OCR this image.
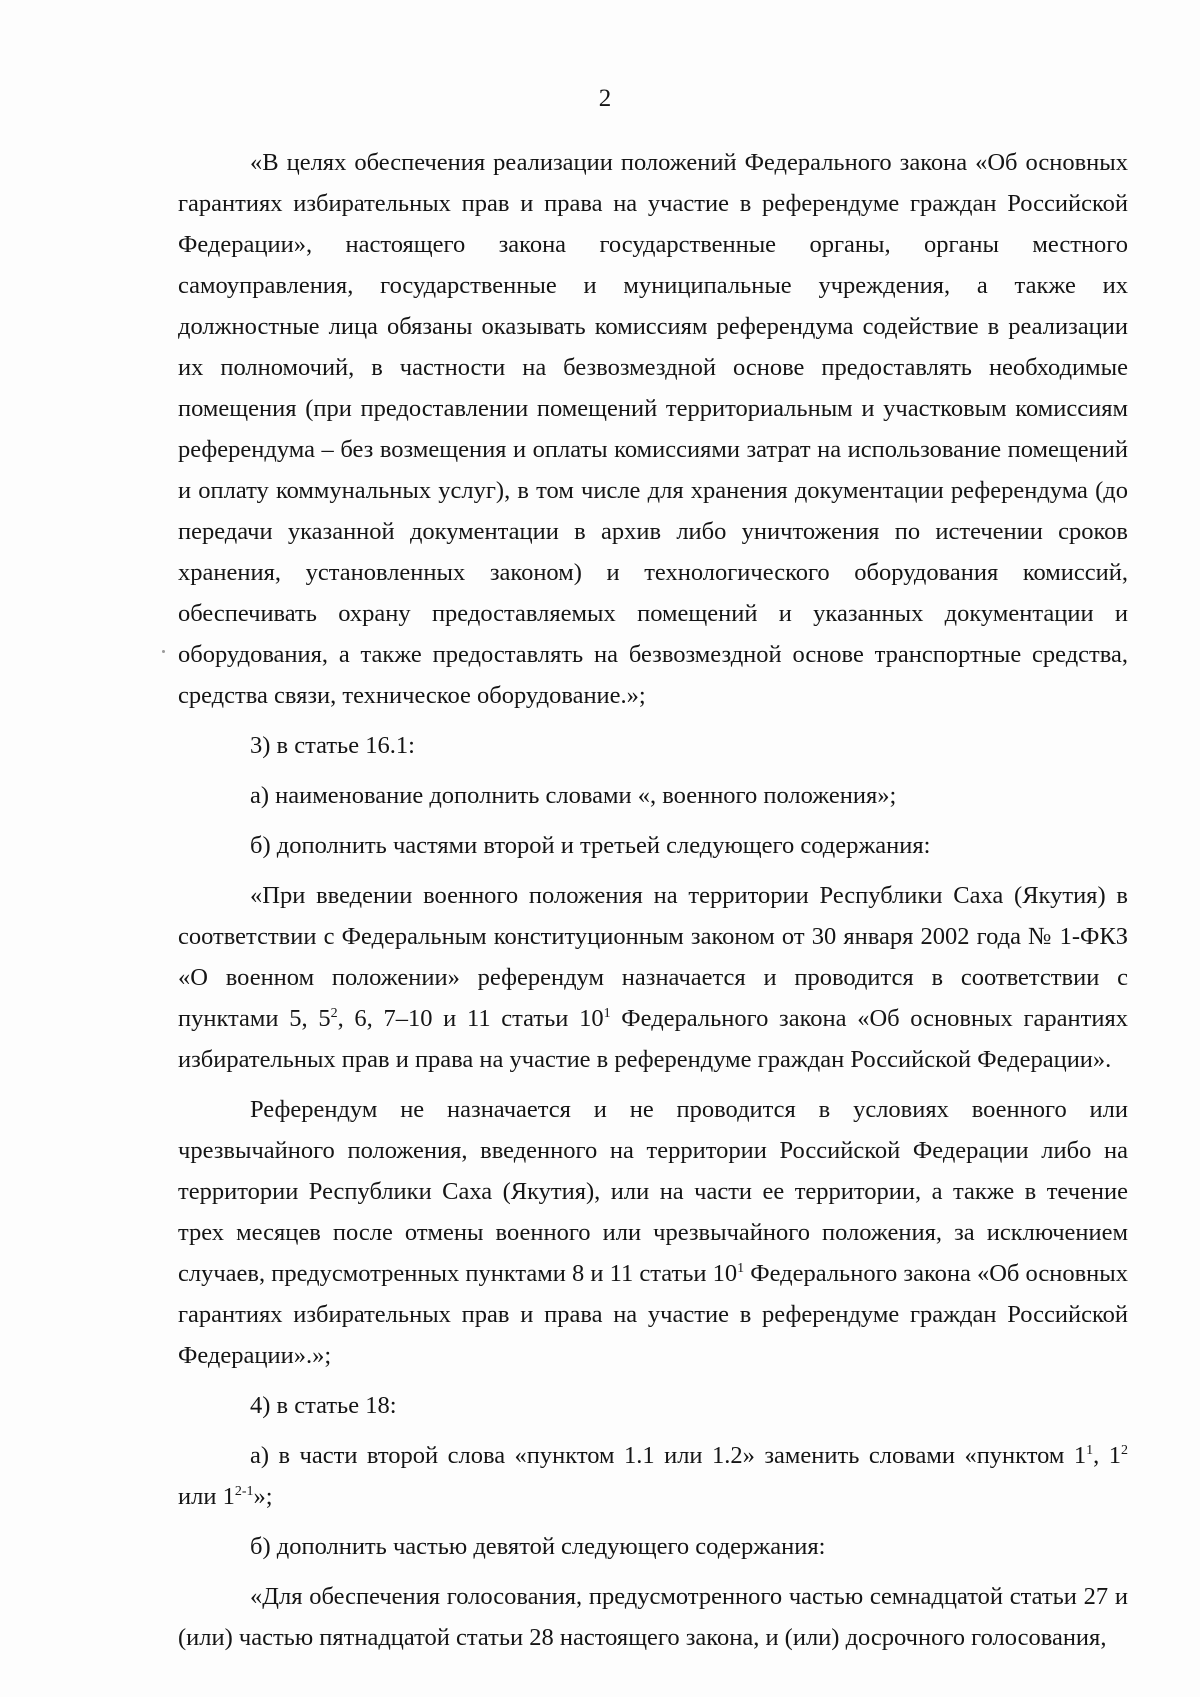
2

«В целях обеспечения реализации положений Федерального закона «Об основных гарантиях избирательных прав и права на участие в референдуме граждан Российской Федерации», настоящего закона государственные органы, органы местного самоуправления, государственные и муниципальные учреждения, а также их должностные лица обязаны оказывать комиссиям референдума содействие в реализации их полномочий, в частности на безвозмездной основе предоставлять необходимые помещения (при предоставлении помещений территориальным и участковым комиссиям референдума – без возмещения и оплаты комиссиями затрат на использование помещений и оплату коммунальных услуг), в том числе для хранения документации референдума (до передачи указанной документации в архив либо уничтожения по истечении сроков хранения, установленных законом) и технологического оборудования комиссий, обеспечивать охрану предоставляемых помещений и указанных документации и оборудования, а также предоставлять на безвозмездной основе транспортные средства, средства связи, техническое оборудование.»;

3) в статье 16.1:

а) наименование дополнить словами «, военного положения»;

б) дополнить частями второй и третьей следующего содержания:

«При введении военного положения на территории Республики Саха (Якутия) в соответствии с Федеральным конституционным законом от 30 января 2002 года № 1-ФКЗ «О военном положении» референдум назначается и проводится в соответствии с пунктами 5, $5^2$, 6, 7–10 и 11 статьи $10^1$ Федерального закона «Об основных гарантиях избирательных прав и права на участие в референдуме граждан Российской Федерации».

Референдум не назначается и не проводится в условиях военного или чрезвычайного положения, введенного на территории Российской Федерации либо на территории Республики Саха (Якутия), или на части ее территории, а также в течение трех месяцев после отмены военного или чрезвычайного положения, за исключением случаев, предусмотренных пунктами 8 и 11 статьи $10^1$ Федерального закона «Об основных гарантиях избирательных прав и права на участие в референдуме граждан Российской Федерации».»;

4) в статье 18:

а) в части второй слова «пунктом 1.1 или 1.2» заменить словами «пунктом $1^1$, $1^2$ или 1$^{2-1}$»;

б) дополнить частью девятой следующего содержания:

«Для обеспечения голосования, предусмотренного частью семнадцатой статьи 27 и (или) частью пятнадцатой статьи 28 настоящего закона, и (или) досрочного голосования,
